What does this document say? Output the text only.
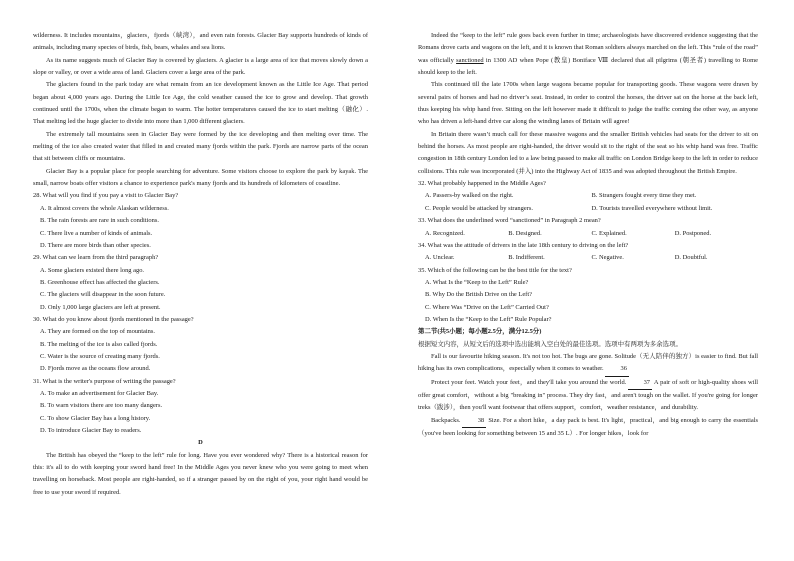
wilderness. It includes mountains，glaciers，fjords（峡湾），and even rain forests. Glacier Bay supports hundreds of kinds of animals, including many species of birds, fish, bears, whales and sea lions.

As its name suggests much of Glacier Bay is covered by glaciers. A glacier is a large area of ice that moves slowly down a slope or valley, or over a wide area of land. Glaciers cover a large area of the park.

The glaciers found in the park today are what remain from an ice development known as the Little Ice Age. That period began about 4,000 years ago. During the Little Ice Age, the cold weather caused the ice to grow and develop. That growth continued until the 1700s, when the climate began to warm. The hotter temperatures caused the ice to start melting（融化）. That melting led the huge glacier to divide into more than 1,000 different glaciers.

The extremely tall mountains seen in Glacier Bay were formed by the ice developing and then melting over time. The melting of the ice also created water that filled in and created many fjords within the park. Fjords are narrow parts of the ocean that sit between cliffs or mountains.

Glacier Bay is a popular place for people searching for adventure. Some visitors choose to explore the park by kayak. The small, narrow boats offer visitors a chance to experience park's many fjords and its hundreds of kilometers of coastline.

28. What will you find if you pay a visit to Glacier Bay?

A. It almost covers the whole Alaskan wilderness.

B. The rain forests are rare in such conditions.

C. There live a number of kinds of animals.

D. There are more birds than other species.

29. What can we learn from the third paragraph?

A. Some glaciers existed there long ago.

B. Greenhouse effect has affected the glaciers.

C. The glaciers will disappear in the soon future.

D. Only 1,000 large glaciers are left at present.

30. What do you know about fjords mentioned in the passage?

A. They are formed on the top of mountains.

B. The melting of the ice is also called fjords.

C. Water is the source of creating many fjords.

D. Fjords move as the oceans flow around.

31. What is the writer's purpose of writing the passage?

A. To make an advertisement for Glacier Bay.

B. To warn visitors there are too many dangers.

C. To show Glacier Bay has a long history.

D. To introduce Glacier Bay to readers.

D

The British has obeyed the “keep to the left” rule for long. Have you ever wondered why? There is a historical reason for this: it's all to do with keeping your sword hand free! In the Middle Ages you never knew who you were going to meet when travelling on horseback. Most people are right-handed, so if a stranger passed by on the right of you, your right hand would be free to use your sword if required.

Indeed the “keep to the left” rule goes back even further in time; archaeologists have discovered evidence suggesting that the Romans drove carts and wagons on the left, and it is known that Roman soldiers always marched on the left. This “rule of the road” was officially sanctioned in 1300 AD when Pope (教皇) Boniface Ⅷ declared that all pilgrims (朝圣者) travelling to Rome should keep to the left.

This continued till the late 1700s when large wagons became popular for transporting goods. These wagons were drawn by several pairs of horses and had no driver’s seat. Instead, in order to control the horses, the driver sat on the horse at the back left, thus keeping his whip hand free. Sitting on the left however made it difficult to judge the traffic coming the other way, as anyone who has driven a left-hand drive car along the winding lanes of Britain will agree!

In Britain there wasn’t much call for these massive wagons and the smaller British vehicles had seats for the driver to sit on behind the horses. As most people are right-handed, the driver would sit to the right of the seat so his whip hand was free. Traffic congestion in 18th century London led to a law being passed to make all traffic on London Bridge keep to the left in order to reduce collisions. This rule was incorporated (并入) into the Highway Act of 1835 and was adopted throughout the British Empire.

32. What probably happened in the Middle Ages?

A. Passers-by walked on the right.	B. Strangers fought every time they met.
C. People would be attacked by strangers.	D. Tourists travelled everywhere without limit.

33. What does the underlined word “sanctioned” in Paragraph 2 mean?

A. Recognized.	B. Designed.	C. Explained.	D. Postponed.

34. What was the attitude of drivers in the late 18th century to driving on the left?

A. Unclear.	B. Indifferent.	C. Negative.	D. Doubtful.

35. Which of the following can be the best title for the text?

A. What Is the “Keep to the Left” Rule?

B. Why Do the British Drive on the Left?

C. Where Was “Drive on the Left” Carried Out?

D. When Is the “Keep to the Left” Rule Popular?

第二节(共5小题；每小题2.5分，满分12.5分)

根据短文内容，从短文后的选项中选出能填入空白处的最佳选项。选项中有两项为多余选项。

Fall is our favourite hiking season. It's not too hot. The bugs are gone. Solitude（无人陪伴的独方）is easier to find. But fall hiking has its own complications，especially when it comes to weather.	36

Protect your feet. Watch your feet，and they'll take you around the world.	37 A pair of soft or high-quality shoes will offer great comfort，without a big "breaking in" process. They dry fast，and aren't tough on the wallet. If you're going for longer treks（跋涉），then you'll want footwear that offers support，comfort，weather resistance，and durability.

Backpacks.	38 Size. For a short hike，a day pack is best. It's light，practical，and big enough to carry the essentials （you've been looking for something between 15 and 35 L）. For longer hikes，look for
